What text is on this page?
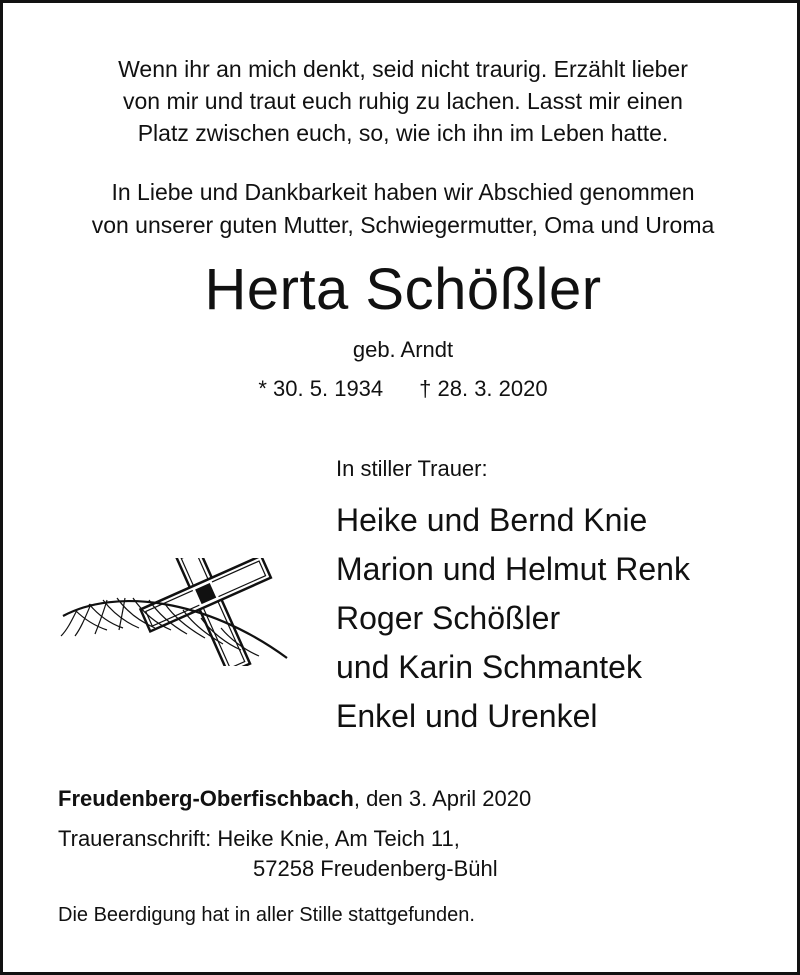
Wenn ihr an mich denkt, seid nicht traurig. Erzählt lieber
von mir und traut euch ruhig zu lachen. Lasst mir einen
Platz zwischen euch, so, wie ich ihn im Leben hatte.
In Liebe und Dankbarkeit haben wir Abschied genommen
von unserer guten Mutter, Schwiegermutter, Oma und Uroma
Herta Schößler
geb. Arndt
* 30. 5. 1934 † 28. 3. 2020
In stiller Trauer:
Heike und Bernd Knie
Marion und Helmut Renk
Roger Schößler
und Karin Schmantek
Enkel und Urenkel
Freudenberg-Oberfischbach, den 3. April 2020
Traueranschrift: Heike Knie, Am Teich 11,
57258 Freudenberg-Bühl
Die Beerdigung hat in aller Stille stattgefunden.
